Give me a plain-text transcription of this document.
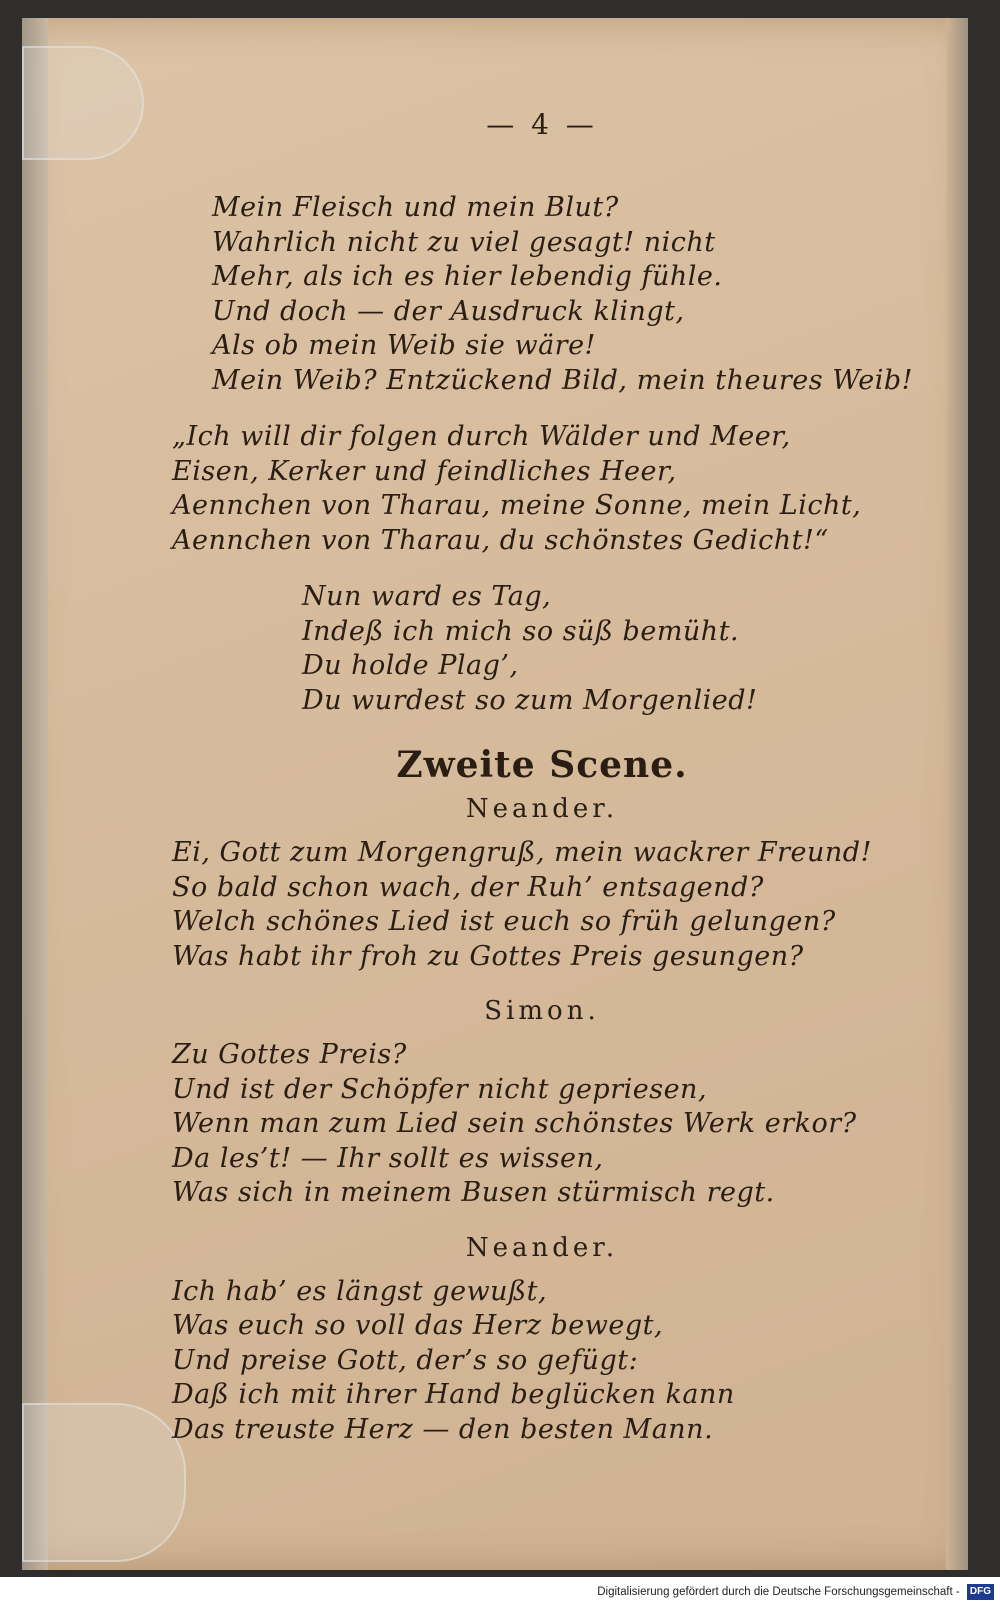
— 4 —
Mein Fleisch und mein Blut?
Wahrlich nicht zu viel gesagt! nicht
Mehr, als ich es hier lebendig fühle.
Und doch — der Ausdruck klingt,
Als ob mein Weib sie wäre!
Mein Weib? Entzückend Bild, mein theures Weib!
„Ich will dir folgen durch Wälder und Meer,
Eisen, Kerker und feindliches Heer,
Aennchen von Tharau, meine Sonne, mein Licht,
Aennchen von Tharau, du schönstes Gedicht!“
Nun ward es Tag,
Indeß ich mich so süß bemüht.
Du holde Plag’,
Du wurdest so zum Morgenlied!
Zweite Scene.
Neander.
Ei, Gott zum Morgengruß, mein wackrer Freund!
So bald schon wach, der Ruh’ entsagend?
Welch schönes Lied ist euch so früh gelungen?
Was habt ihr froh zu Gottes Preis gesungen?
Simon.
Zu Gottes Preis?
Und ist der Schöpfer nicht gepriesen,
Wenn man zum Lied sein schönstes Werk erkor?
Da les’t! — Ihr sollt es wissen,
Was sich in meinem Busen stürmisch regt.
Neander.
Ich hab’ es längst gewußt,
Was euch so voll das Herz bewegt,
Und preise Gott, der’s so gefügt:
Daß ich mit ihrer Hand beglücken kann
Das treuste Herz — den besten Mann.
Digitalisierung gefördert durch die Deutsche Forschungsgemeinschaft - DFG
